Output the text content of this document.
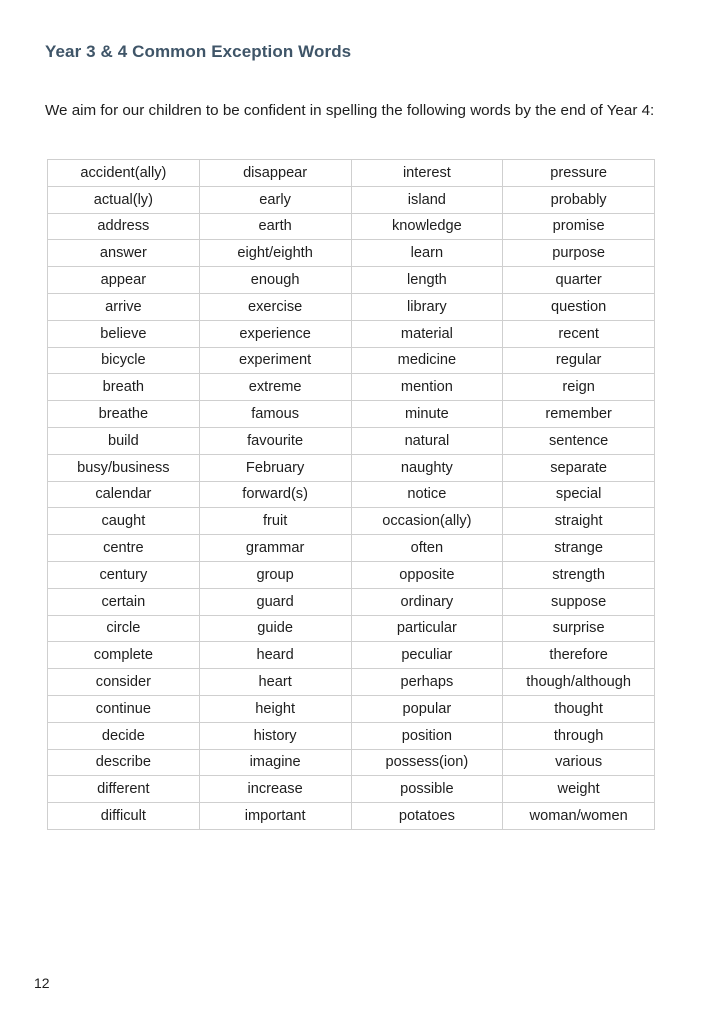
Year 3 & 4 Common Exception Words
We aim for our children to be confident in spelling the following words by the end of Year 4:
accident(ally)	disappear	interest	pressure
actual(ly)	early	island	probably
address	earth	knowledge	promise
answer	eight/eighth	learn	purpose
appear	enough	length	quarter
arrive	exercise	library	question
believe	experience	material	recent
bicycle	experiment	medicine	regular
breath	extreme	mention	reign
breathe	famous	minute	remember
build	favourite	natural	sentence
busy/business	February	naughty	separate
calendar	forward(s)	notice	special
caught	fruit	occasion(ally)	straight
centre	grammar	often	strange
century	group	opposite	strength
certain	guard	ordinary	suppose
circle	guide	particular	surprise
complete	heard	peculiar	therefore
consider	heart	perhaps	though/although
continue	height	popular	thought
decide	history	position	through
describe	imagine	possess(ion)	various
different	increase	possible	weight
difficult	important	potatoes	woman/women
12
